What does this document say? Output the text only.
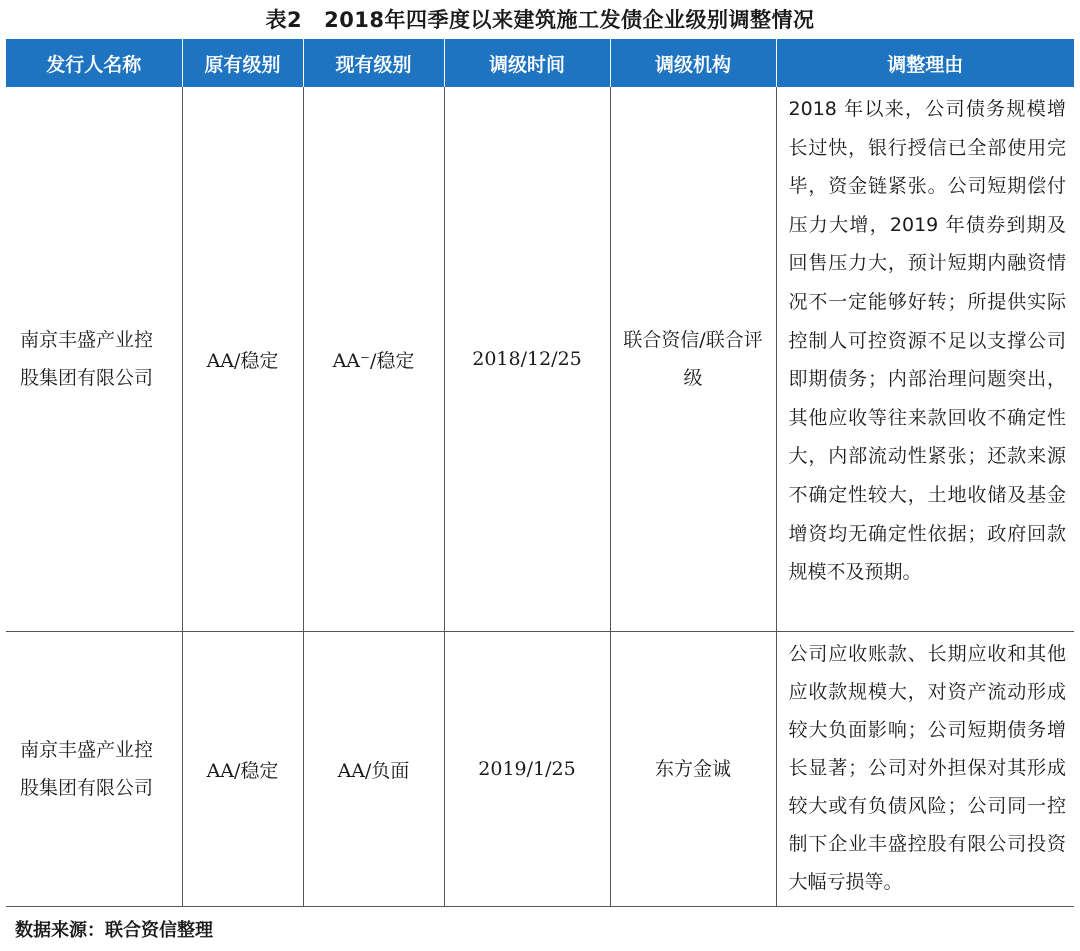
表2 2018年四季度以来建筑施工发债企业级别调整情况
发行人名称	原有级别	现有级别	调级时间	调级机构	调整理由
南京丰盛产业控股集团有限公司	AA/稳定	AA⁻/稳定	2018/12/25	联合资信/联合评级	2018 年以来，公司债务规模增长过快，银行授信已全部使用完毕，资金链紧张。公司短期偿付压力大增，2019 年债券到期及回售压力大，预计短期内融资情况不一定能够好转；所提供实际控制人可控资源不足以支撑公司即期债务；内部治理问题突出，其他应收等往来款回收不确定性大，内部流动性紧张；还款来源不确定性较大，土地收储及基金增资均无确定性依据；政府回款规模不及预期。
南京丰盛产业控股集团有限公司	AA/稳定	AA/负面	2019/1/25	东方金诚	公司应收账款、长期应收和其他应收款规模大，对资产流动形成较大负面影响；公司短期债务增长显著；公司对外担保对其形成较大或有负债风险；公司同一控制下企业丰盛控股有限公司投资大幅亏损等。
数据来源：联合资信整理
